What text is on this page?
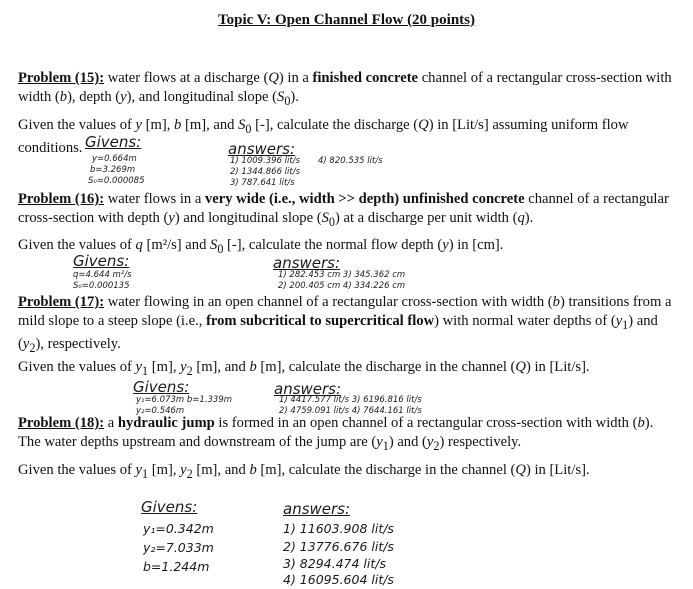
Topic V: Open Channel Flow (20 points)
Problem (15): water flows at a discharge (Q) in a finished concrete channel of a rectangular cross-section with width (b), depth (y), and longitudinal slope $(S_0)$.
Given the values of y [m], b [m], and $S_0$ [-], calculate the discharge (Q) in [Lit/s] assuming uniform flow conditions. Givens:
y=0.664m
b=3.269m
S₀=0.000085
answers:
1) 1009.396 lit/s 4) 820.535 lit/s
2) 1344.866 lit/s
3) 787.641 lit/s
Problem (16): water flows in a very wide (i.e., width >> depth) unfinished concrete channel of a rectangular cross-section with depth (y) and longitudinal slope $(S_0)$ at a discharge per unit width (q).
Given the values of q [m²/s] and $S_0$ [-], calculate the normal flow depth (y) in [cm].
Givens:
q=4.644 m²/s
S₀=0.000135
answers:
1) 282.453 cm 3) 345.362 cm
2) 200.405 cm 4) 334.226 cm
Problem (17): water flowing in an open channel of a rectangular cross-section with width (b) transitions from a mild slope to a steep slope (i.e., from subcritical to supercritical flow) with normal water depths of $(y_1)$ and $(y_2)$, respectively.
Given the values of $y_1$ [m], $y_2$ [m], and b [m], calculate the discharge in the channel (Q) in [Lit/s].
Givens:
y₁=6.073m b=1.339m
y₂=0.546m
answers:
1) 4417.577 lit/s 3) 6196.816 lit/s
2) 4759.091 lit/s 4) 7644.161 lit/s
Problem (18): a hydraulic jump is formed in an open channel of a rectangular cross-section with width (b). The water depths upstream and downstream of the jump are $(y_1)$ and $(y_2)$ respectively.
Given the values of $y_1$ [m], $y_2$ [m], and b [m], calculate the discharge in the channel (Q) in [Lit/s].
Givens:
y₁=0.342m
y₂=7.033m
b=1.244m
answers:
1) 11603.908 lit/s
2) 13776.676 lit/s
3) 8294.474 lit/s
4) 16095.604 lit/s
